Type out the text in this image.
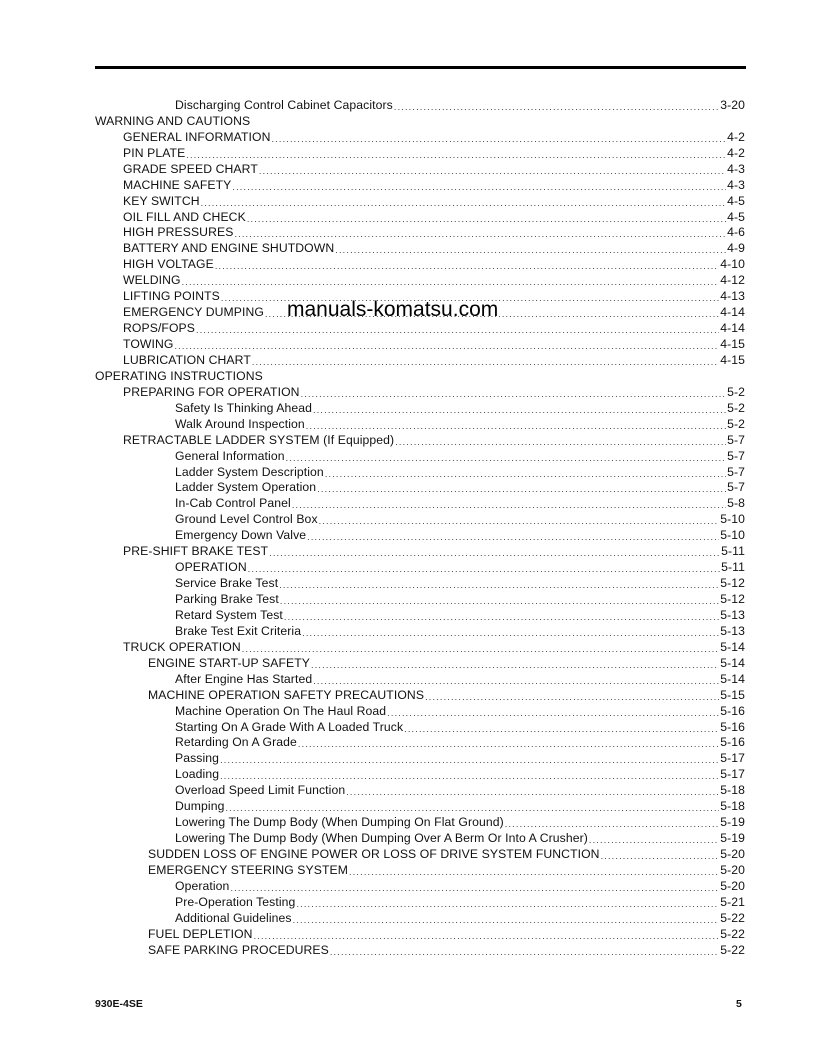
Discharging Control Cabinet Capacitors .....	3-20
WARNING AND CAUTIONS
GENERAL INFORMATION .....	4-2
PIN PLATE .....	4-2
GRADE SPEED CHART .....	4-3
MACHINE SAFETY .....	4-3
KEY SWITCH .....	4-5
OIL FILL AND CHECK .....	4-5
HIGH PRESSURES .....	4-6
BATTERY AND ENGINE SHUTDOWN .....	4-9
HIGH VOLTAGE .....	4-10
WELDING .....	4-12
LIFTING POINTS .....	4-13
EMERGENCY DUMPING .....	4-14
ROPS/FOPS .....	4-14
TOWING .....	4-15
LUBRICATION CHART .....	4-15
OPERATING INSTRUCTIONS
PREPARING FOR OPERATION .....	5-2
Safety Is Thinking Ahead .....	5-2
Walk Around Inspection .....	5-2
RETRACTABLE LADDER SYSTEM (If Equipped) .....	5-7
General Information .....	5-7
Ladder System Description .....	5-7
Ladder System Operation .....	5-7
In-Cab Control Panel .....	5-8
Ground Level Control Box .....	5-10
Emergency Down Valve .....	5-10
PRE-SHIFT BRAKE TEST .....	5-11
OPERATION .....	5-11
Service Brake Test .....	5-12
Parking Brake Test .....	5-12
Retard System Test .....	5-13
Brake Test Exit Criteria .....	5-13
TRUCK OPERATION .....	5-14
ENGINE START-UP SAFETY .....	5-14
After Engine Has Started .....	5-14
MACHINE OPERATION SAFETY PRECAUTIONS .....	5-15
Machine Operation On The Haul Road .....	5-16
Starting On A Grade With A Loaded Truck .....	5-16
Retarding On A Grade .....	5-16
Passing .....	5-17
Loading .....	5-17
Overload Speed Limit Function .....	5-18
Dumping .....	5-18
Lowering The Dump Body (When Dumping On Flat Ground) .....	5-19
Lowering The Dump Body (When Dumping Over A Berm Or Into A Crusher) .....	5-19
SUDDEN LOSS OF ENGINE POWER OR LOSS OF DRIVE SYSTEM FUNCTION .....	5-20
EMERGENCY STEERING SYSTEM .....	5-20
Operation .....	5-20
Pre-Operation Testing .....	5-21
Additional Guidelines .....	5-22
FUEL DEPLETION .....	5-22
SAFE PARKING PROCEDURES .....	5-22
manuals-komatsu.com
930E-4SE	5
